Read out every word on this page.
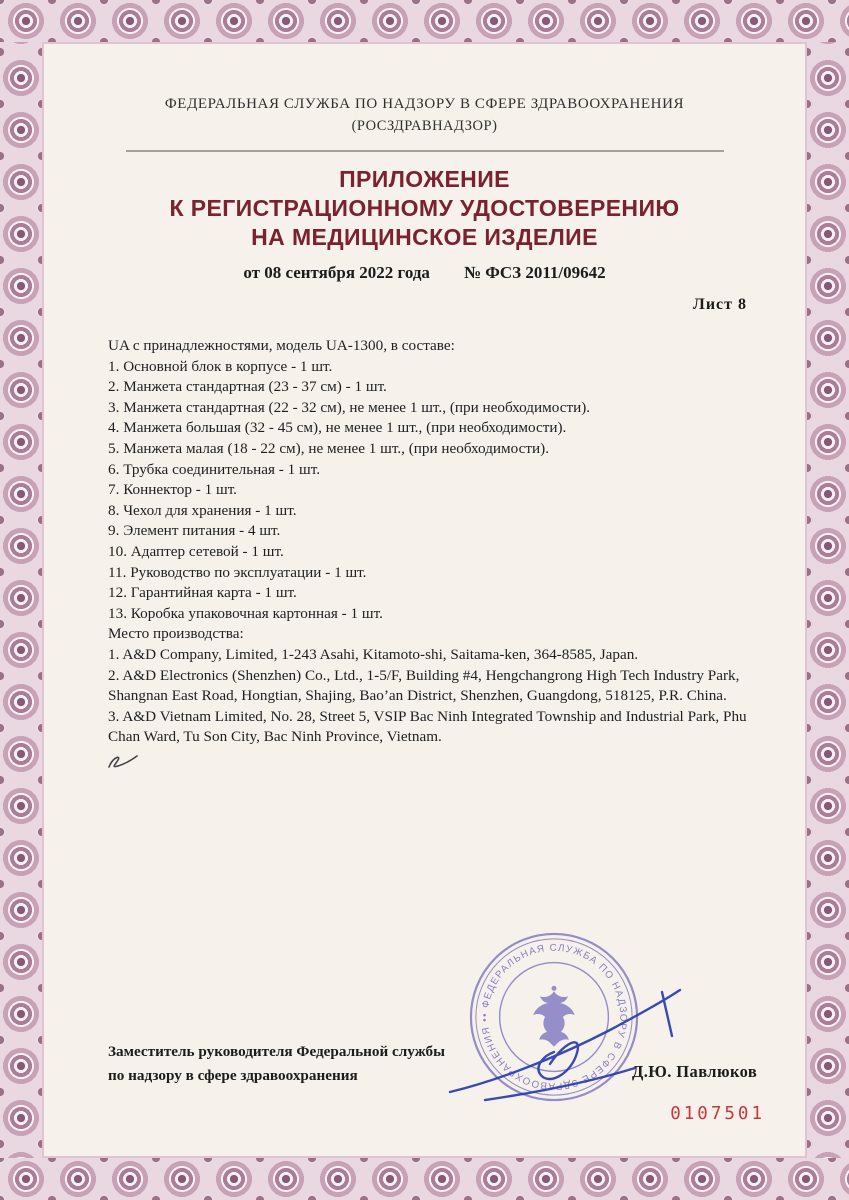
ФЕДЕРАЛЬНАЯ СЛУЖБА ПО НАДЗОРУ В СФЕРЕ ЗДРАВООХРАНЕНИЯ
(РОСЗДРАВНАДЗОР)
ПРИЛОЖЕНИЕ
К РЕГИСТРАЦИОННОМУ УДОСТОВЕРЕНИЮ
НА МЕДИЦИНСКОЕ ИЗДЕЛИЕ
от 08 сентября 2022 года № ФСЗ 2011/09642
Лист 8
UA с принадлежностями, модель UA-1300, в составе:
1. Основной блок в корпусе - 1 шт.
2. Манжета стандартная (23 - 37 см) - 1 шт.
3. Манжета стандартная (22 - 32 см), не менее 1 шт., (при необходимости).
4. Манжета большая (32 - 45 см), не менее 1 шт., (при необходимости).
5. Манжета малая (18 - 22 см), не менее 1 шт., (при необходимости).
6. Трубка соединительная - 1 шт.
7. Коннектор - 1 шт.
8. Чехол для хранения - 1 шт.
9. Элемент питания - 4 шт.
10. Адаптер сетевой - 1 шт.
11. Руководство по эксплуатации - 1 шт.
12. Гарантийная карта - 1 шт.
13. Коробка упаковочная картонная - 1 шт.
Место производства:
1. A&D Company, Limited, 1-243 Asahi, Kitamoto-shi, Saitama-ken, 364-8585, Japan.
2. A&D Electronics (Shenzhen) Co., Ltd., 1-5/F, Building #4, Hengchangrong High Tech Industry Park, Shangnan East Road, Hongtian, Shajing, Bao’an District, Shenzhen, Guangdong, 518125, P.R. China.
3. A&D Vietnam Limited, No. 28, Street 5, VSIP Bac Ninh Integrated Township and Industrial Park, Phu Chan Ward, Tu Son City, Bac Ninh Province, Vietnam.
• ФЕДЕРАЛЬНАЯ СЛУЖБА ПО НАДЗОРУ В СФЕРЕ ЗДРАВООХРАНЕНИЯ •
Заместитель руководителя Федеральной службы
по надзору в сфере здравоохранения	Д.Ю. Павлюков
0107501
